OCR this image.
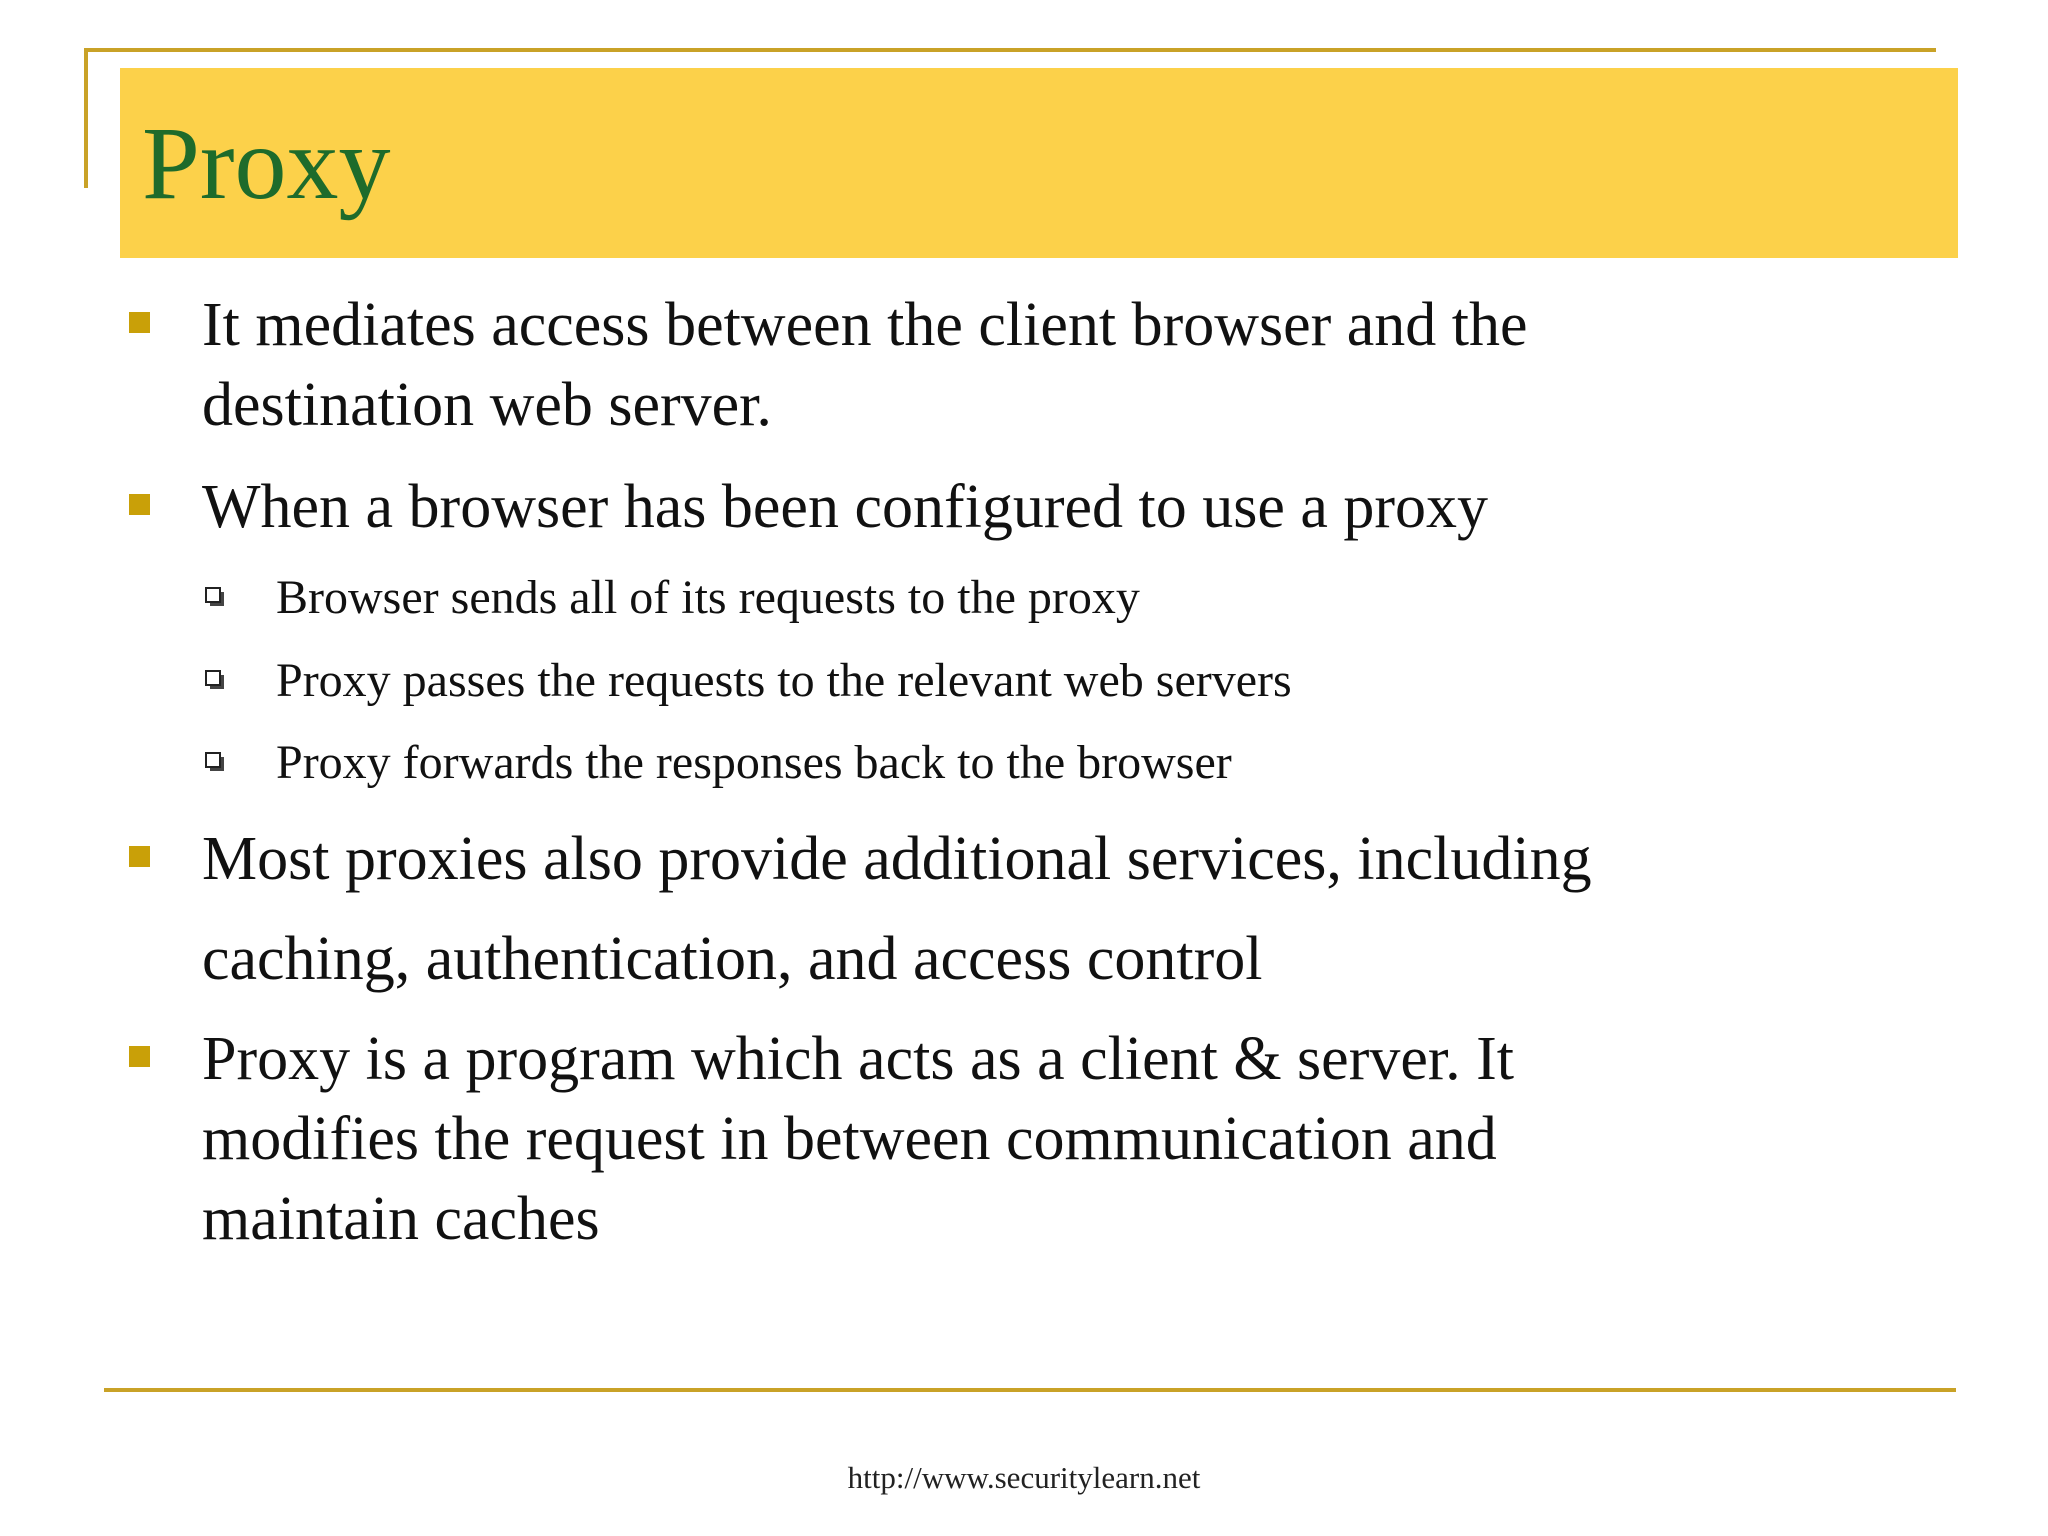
Proxy
It mediates access between the client browser and the
destination web server.
When a browser has been configured to use a proxy
Browser sends all of its requests to the proxy
Proxy passes the requests to the relevant web servers
Proxy forwards the responses back to the browser
Most proxies also provide additional services, including
caching, authentication, and access control
Proxy is a program which acts as a client & server. It
modifies the request in between communication and
maintain caches
http://www.securitylearn.net
